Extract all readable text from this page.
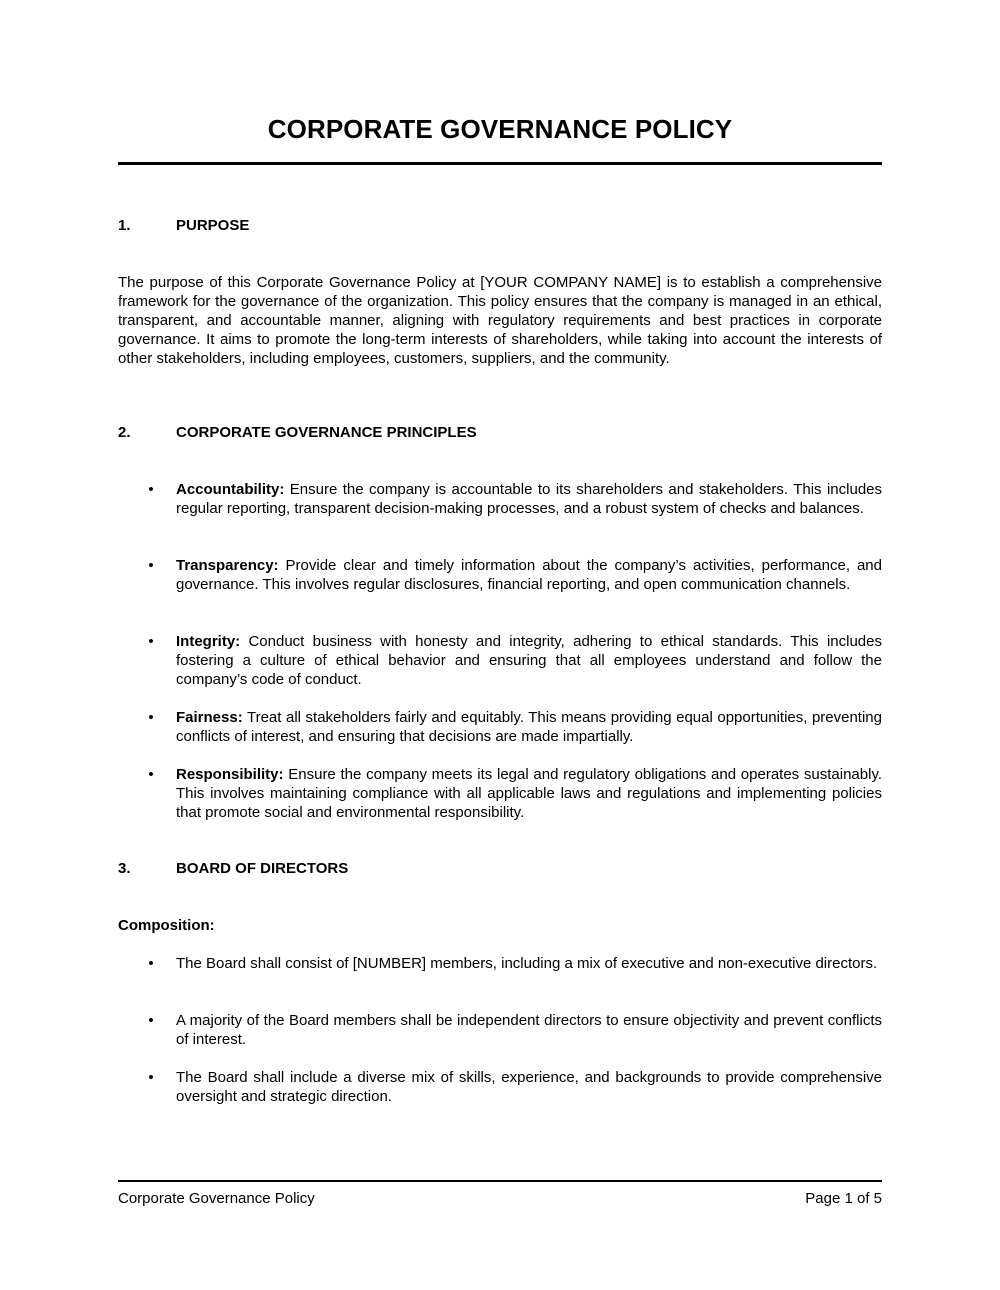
CORPORATE GOVERNANCE POLICY
1.	PURPOSE

The purpose of this Corporate Governance Policy at [YOUR COMPANY NAME] is to establish a comprehensive framework for the governance of the organization. This policy ensures that the company is managed in an ethical, transparent, and accountable manner, aligning with regulatory requirements and best practices in corporate governance. It aims to promote the long-term interests of shareholders, while taking into account the interests of other stakeholders, including employees, customers, suppliers, and the community.

2.	CORPORATE GOVERNANCE PRINCIPLES
• Accountability: Ensure the company is accountable to its shareholders and stakeholders. This includes regular reporting, transparent decision-making processes, and a robust system of checks and balances.
• Transparency: Provide clear and timely information about the company’s activities, performance, and governance. This involves regular disclosures, financial reporting, and open communication channels.
• Integrity: Conduct business with honesty and integrity, adhering to ethical standards. This includes fostering a culture of ethical behavior and ensuring that all employees understand and follow the company’s code of conduct.
• Fairness: Treat all stakeholders fairly and equitably. This means providing equal opportunities, preventing conflicts of interest, and ensuring that decisions are made impartially.
• Responsibility: Ensure the company meets its legal and regulatory obligations and operates sustainably. This involves maintaining compliance with all applicable laws and regulations and implementing policies that promote social and environmental responsibility.
3.	BOARD OF DIRECTORS
Composition:
• The Board shall consist of [NUMBER] members, including a mix of executive and non-executive directors.
• A majority of the Board members shall be independent directors to ensure objectivity and prevent conflicts of interest.
• The Board shall include a diverse mix of skills, experience, and backgrounds to provide comprehensive oversight and strategic direction.
Corporate Governance Policy	Page 1 of 5
